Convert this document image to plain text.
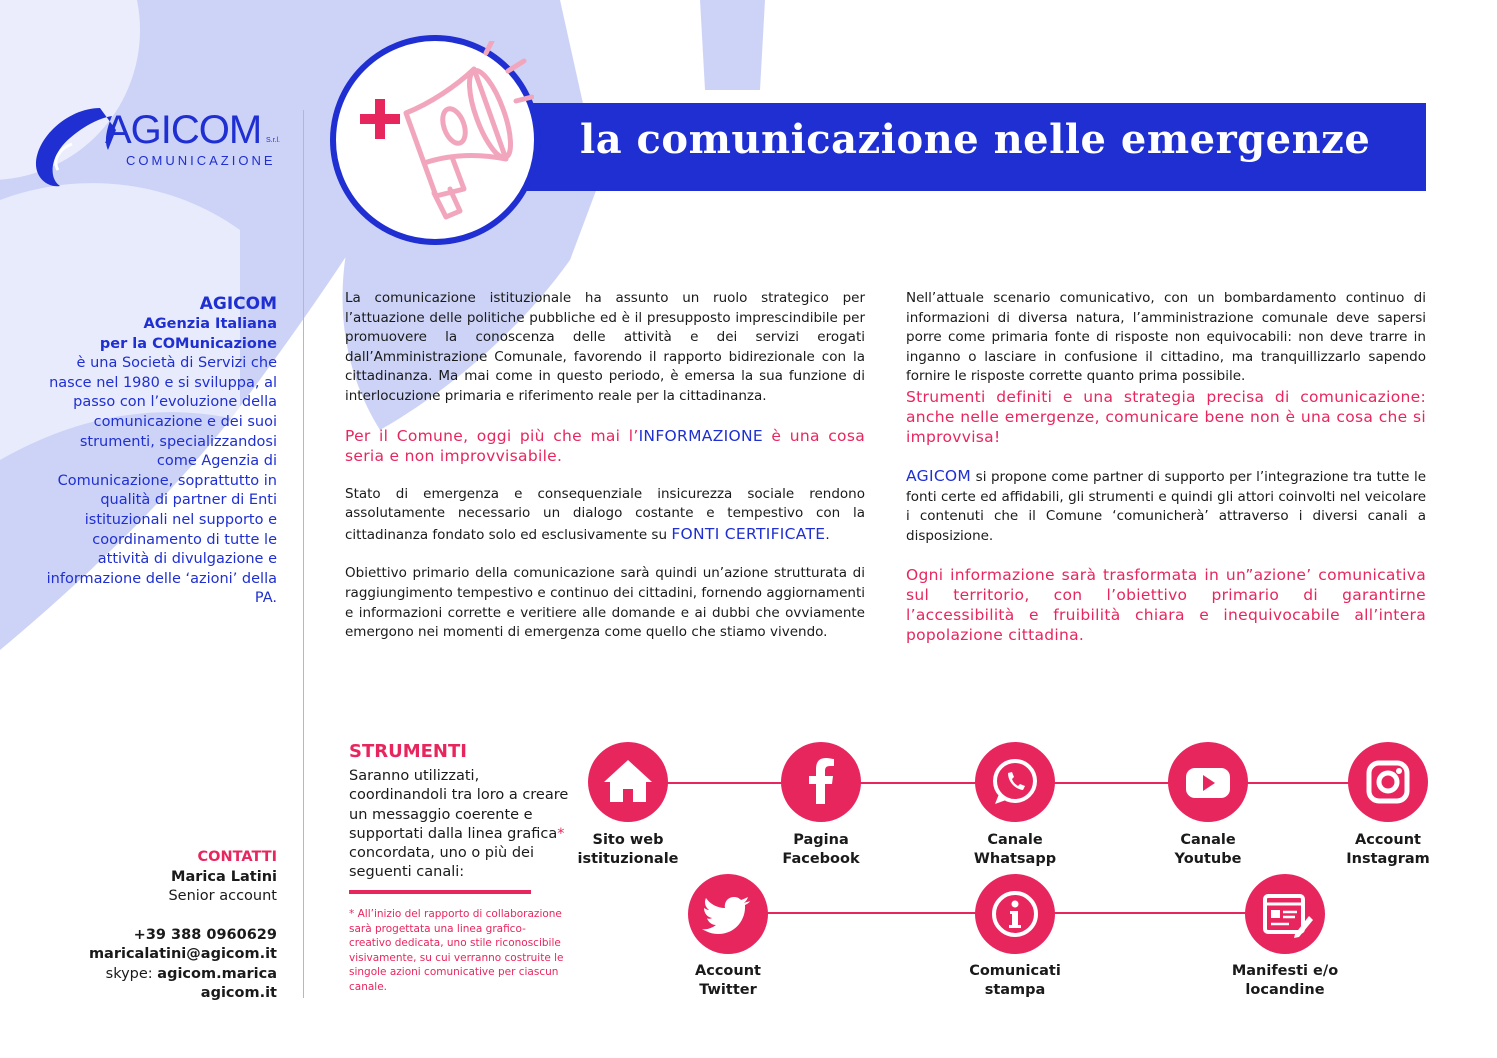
la comunicazione nelle emergenze
AGICOM S.r.l.
COMUNICAZIONE
AGICOM
AGenzia Italiana
per la COMunicazione
è una Società di Servizi che nasce nel 1980 e si sviluppa, al passo con l’evoluzione della comunicazione e dei suoi strumenti, specializzandosi come Agenzia di Comunicazione, soprattutto in qualità di partner di Enti istituzionali nel supporto e coordinamento di tutte le attività di divulgazione e informazione delle ‘azioni’ della PA.
CONTATTI
Marica Latini
Senior account
+39 388 0960629
maricalatini@agicom.it
skype: agicom.marica
agicom.it

La comunicazione istituzionale ha assunto un ruolo strategico per l’attuazione delle politiche pubbliche ed è il presupposto imprescindibile per promuovere la conoscenza delle attività e dei servizi erogati dall’Amministrazione Comunale, favorendo il rapporto bidirezionale con la cittadinanza. Ma mai come in questo periodo, è emersa la sua funzione di interlocuzione primaria e riferimento reale per la cittadinanza.

Per il Comune, oggi più che mai l’INFORMAZIONE è una cosa seria e non improvvisabile.

Stato di emergenza e consequenziale insicurezza sociale rendono assolutamente necessario un dialogo costante e tempestivo con la cittadinanza fondato solo ed esclusivamente su FONTI CERTIFICATE.

Obiettivo primario della comunicazione sarà quindi un’azione strutturata di raggiungimento tempestivo e continuo dei cittadini, fornendo aggiornamenti e informazioni corrette e veritiere alle domande e ai dubbi che ovviamente emergono nei momenti di emergenza come quello che stiamo vivendo.

Nell’attuale scenario comunicativo, con un bombardamento continuo di informazioni di diversa natura, l’amministrazione comunale deve sapersi porre come primaria fonte di risposte non equivocabili: non deve trarre in inganno o lasciare in confusione il cittadino, ma tranquillizzarlo sapendo fornire le risposte corrette quanto prima possibile.

Strumenti definiti e una strategia precisa di comunicazione: anche nelle emergenze, comunicare bene non è una cosa che si improvvisa!

AGICOM si propone come partner di supporto per l’integrazione tra tutte le fonti certe ed affidabili, gli strumenti e quindi gli attori coinvolti nel veicolare i contenuti che il Comune ‘comunicherà’ attraverso i diversi canali a disposizione.

Ogni informazione sarà trasformata in un”azione’ comunicativa sul territorio, con l’obiettivo primario di garantirne l’accessibilità e fruibilità chiara e inequivocabile all’intera popolazione cittadina.

STRUMENTI
Saranno utilizzati, coordinandoli tra loro a creare un messaggio coerente e supportati dalla linea grafica* concordata, uno o più dei seguenti canali:
* All’inizio del rapporto di collaborazione sarà progettata una linea grafico-creativo dedicata, uno stile riconoscibile visivamente, su cui verranno costruite le singole azioni comunicative per ciascun canale.
Sito web
istituzionale
Pagina
Facebook
Canale
Whatsapp
Canale
Youtube
Account
Instagram
Account
Twitter
Comunicati
stampa
Manifesti e/o
locandine
